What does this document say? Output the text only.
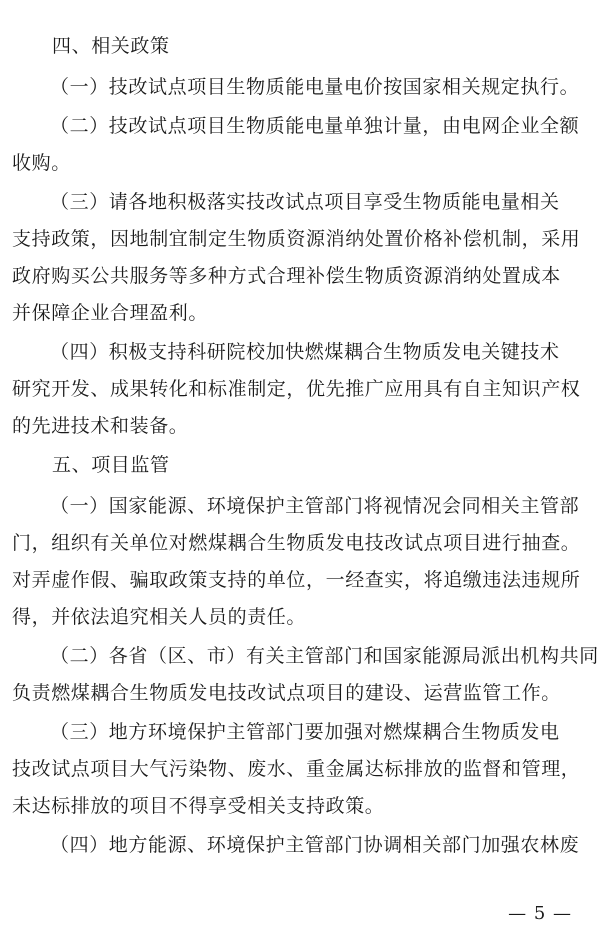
四、相关政策
（一）技改试点项目生物质能电量电价按国家相关规定执行。
（二）技改试点项目生物质能电量单独计量，由电网企业全额
收购。
（三）请各地积极落实技改试点项目享受生物质能电量相关
支持政策，因地制宜制定生物质资源消纳处置价格补偿机制，采用
政府购买公共服务等多种方式合理补偿生物质资源消纳处置成本
并保障企业合理盈利。
（四）积极支持科研院校加快燃煤耦合生物质发电关键技术
研究开发、成果转化和标准制定，优先推广应用具有自主知识产权
的先进技术和装备。
五、项目监管
（一）国家能源、环境保护主管部门将视情况会同相关主管部
门，组织有关单位对燃煤耦合生物质发电技改试点项目进行抽查。
对弄虚作假、骗取政策支持的单位，一经查实，将追缴违法违规所
得，并依法追究相关人员的责任。
（二）各省（区、市）有关主管部门和国家能源局派出机构共同
负责燃煤耦合生物质发电技改试点项目的建设、运营监管工作。
（三）地方环境保护主管部门要加强对燃煤耦合生物质发电
技改试点项目大气污染物、废水、重金属达标排放的监督和管理，
未达标排放的项目不得享受相关支持政策。
（四）地方能源、环境保护主管部门协调相关部门加强农林废
— 5 —
